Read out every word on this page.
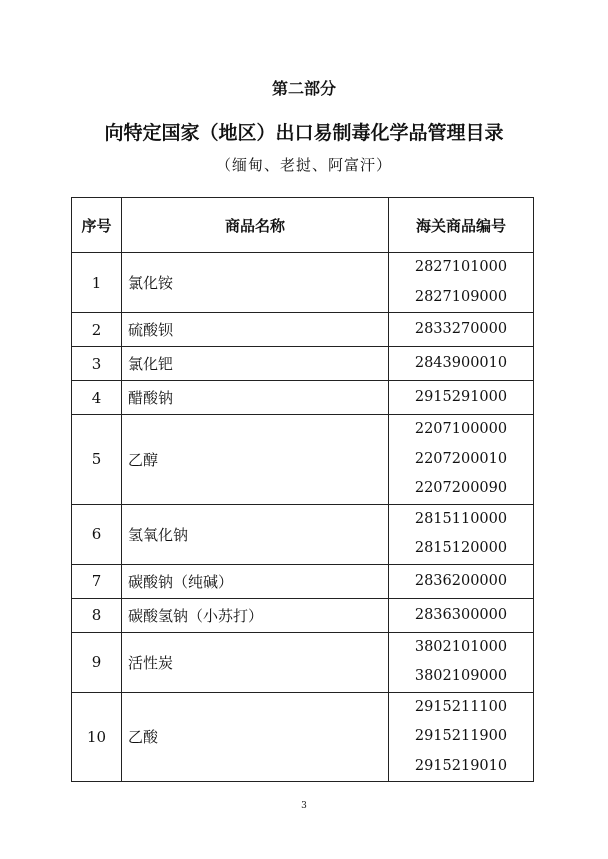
第二部分
向特定国家（地区）出口易制毒化学品管理目录
（缅甸、老挝、阿富汗）
序号	商品名称	海关商品编号
1	氯化铵	2827101000
2827109000

2	硫酸钡	2833270000

3	氯化钯	2843900010

4	醋酸钠	2915291000

5	乙醇	2207100000
2207200010
2207200090

6	氢氧化钠	2815110000
2815120000

7	碳酸钠（纯碱）	2836200000

8	碳酸氢钠（小苏打）	2836300000

9	活性炭	3802101000
3802109000

10	乙酸	2915211100
2915211900
2915219010
3
